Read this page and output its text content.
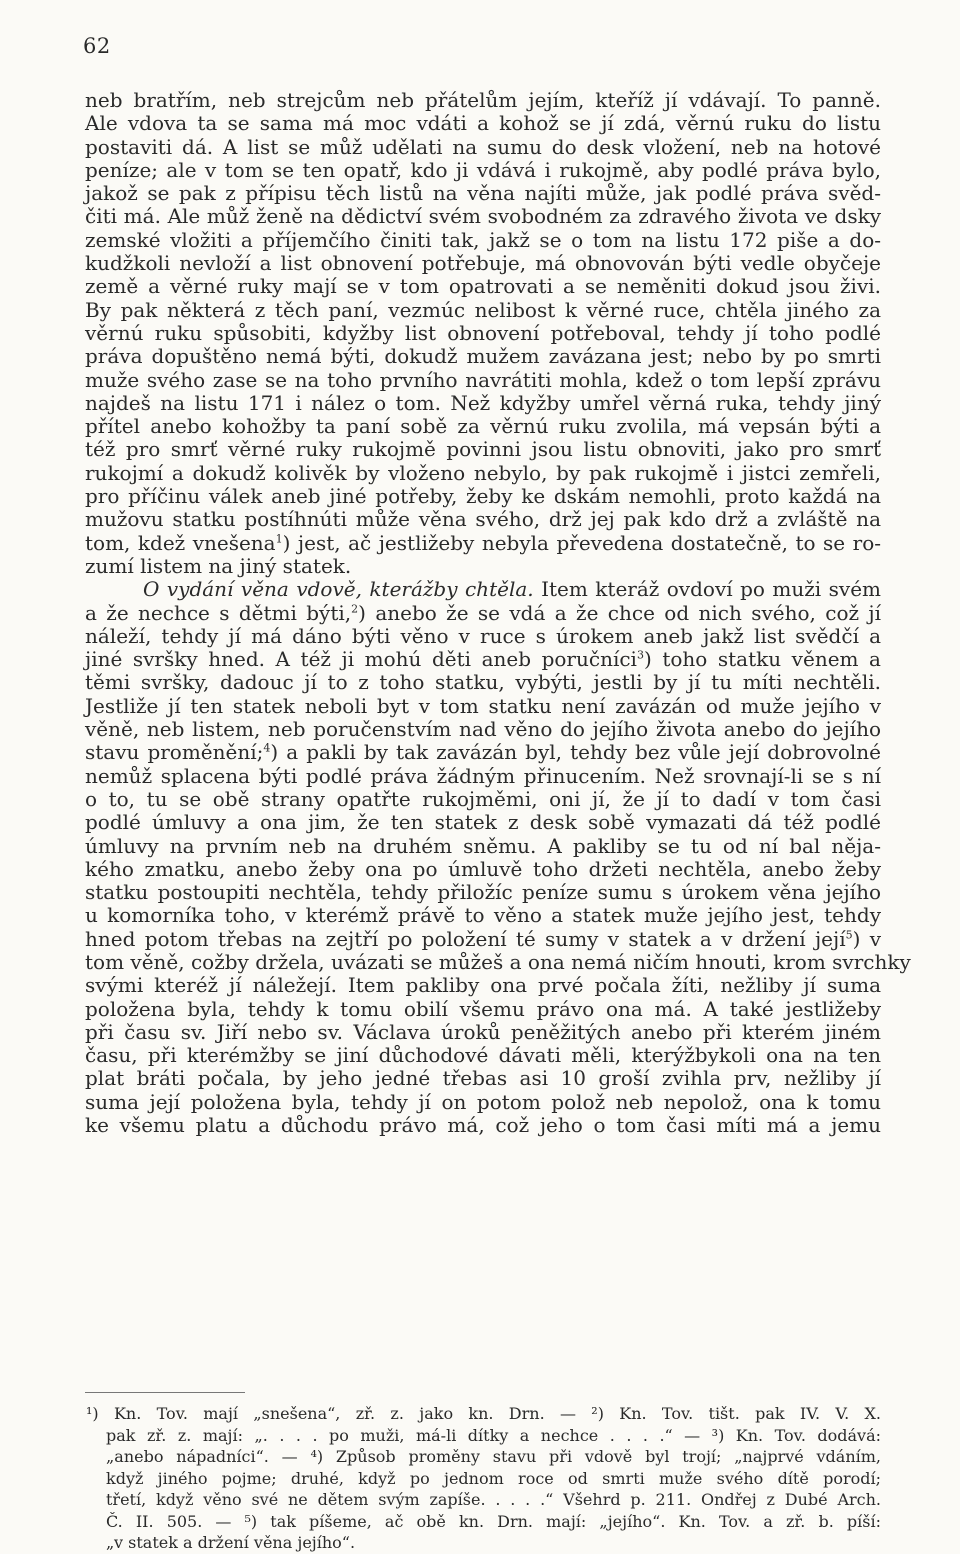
62
neb bratřím, neb strejcům neb přátelům jejím, kteříž jí vdávají. To panně.
Ale vdova ta se sama má moc vdáti a kohož se jí zdá, věrnú ruku do listu
postaviti dá. A list se můž udělati na sumu do desk vložení, neb na hotové
peníze; ale v tom se ten opatř, kdo ji vdává i rukojmě, aby podlé práva bylo,
jakož se pak z přípisu těch listů na věna najíti může, jak podlé práva svěd-
čiti má. Ale můž ženě na dědictví svém svobodném za zdravého života ve dsky
zemské vložiti a příjemčího činiti tak, jakž se o tom na listu 172 piše a do-
kudžkoli nevloží a list obnovení potřebuje, má obnovován býti vedle obyčeje
země a věrné ruky mají se v tom opatrovati a se neměniti dokud jsou živi.
By pak některá z těch paní, vezmúc nelibost k věrné ruce, chtěla jiného za
věrnú ruku spůsobiti, kdyžby list obnovení potřeboval, tehdy jí toho podlé
práva dopuštěno nemá býti, dokudž mužem zavázana jest; nebo by po smrti
muže svého zase se na toho prvního navrátiti mohla, kdež o tom lepší zprávu
najdeš na listu 171 i nález o tom. Než kdyžby umřel věrná ruka, tehdy jiný
přítel anebo kohožby ta paní sobě za věrnú ruku zvolila, má vepsán býti a
též pro smrť věrné ruky rukojmě povinni jsou listu obnoviti, jako pro smrť
rukojmí a dokudž kolivěk by vloženo nebylo, by pak rukojmě i jistci zemřeli,
pro příčinu válek aneb jiné potřeby, žeby ke dskám nemohli, proto každá na
mužovu statku postíhnúti může věna svého, drž jej pak kdo drž a zvláště na
tom, kdež vnešena$^1$) jest, ač jestližeby nebyla převedena dostatečně, to se ro-
zumí listem na jiný statek.
O vydání věna vdově, kterážby chtěla. Item kteráž ovdoví po muži svém
a že nechce s dětmi býti,$^2$) anebo že se vdá a že chce od nich svého, což jí
náleží, tehdy jí má dáno býti věno v ruce s úrokem aneb jakž list svědčí a
jiné svršky hned. A též ji mohú děti aneb poručníci$^3$) toho statku věnem a
těmi svršky, dadouc jí to z toho statku, vybýti, jestli by jí tu míti nechtěli.
Jestliže jí ten statek neboli byt v tom statku není zavázán od muže jejího v
věně, neb listem, neb poručenstvím nad věno do jejího života anebo do jejího
stavu proměnění;$^4$) a pakli by tak zavázán byl, tehdy bez vůle její dobrovolné
nemůž splacena býti podlé práva žádným přinucením. Než srovnají-li se s ní
o to, tu se obě strany opatřte rukojměmi, oni jí, že jí to dadí v tom časi
podlé úmluvy a ona jim, že ten statek z desk sobě vymazati dá též podlé
úmluvy na prvním neb na druhém sněmu. A pakliby se tu od ní bal něja-
kého zmatku, anebo žeby ona po úmluvě toho držeti nechtěla, anebo žeby
statku postoupiti nechtěla, tehdy přiložíc peníze sumu s úrokem věna jejího
u komorníka toho, v kterémž právě to věno a statek muže jejího jest, tehdy
hned potom třebas na zejtří po položení té sumy v statek a v držení její$^5$) v
tom věně, cožby držela, uvázati se můžeš a ona nemá ničím hnouti, krom svrchky
svými kteréž jí náležejí. Item pakliby ona prvé počala žíti, nežliby jí suma
položena byla, tehdy k tomu obilí všemu právo ona má. A také jestližeby
při času sv. Jiří nebo sv. Václava úroků peněžitých anebo při kterém jiném
času, při kterémžby se jiní důchodové dávati měli, kterýžbykoli ona na ten
plat bráti počala, by jeho jedné třebas asi 10 groší zvihla prv, nežliby jí
suma její položena byla, tehdy jí on potom polož neb nepolož, ona k tomu
ke všemu platu a důchodu právo má, což jeho o tom časi míti má a jemu
¹) Kn. Tov. mají „snešena“, zř. z. jako kn. Drn. — ²) Kn. Tov. tišt. pak IV. V. X.
pak zř. z. mají: „. . . . po muži, má-li dítky a nechce . . . .“ — ³) Kn. Tov. dodává:
„anebo nápadníci“. — ⁴) Způsob proměny stavu při vdově byl trojí; „najprvé vdáním,
když jiného pojme; druhé, když po jednom roce od smrti muže svého dítě porodí;
třetí, když věno své ne dětem svým zapíše. . . . .“ Všehrd p. 211. Ondřej z Dubé Arch.
Č. II. 505. — ⁵) tak píšeme, ač obě kn. Drn. mají: „jejího“. Kn. Tov. a zř. b. píší:
„v statek a držení věna jejího“.
